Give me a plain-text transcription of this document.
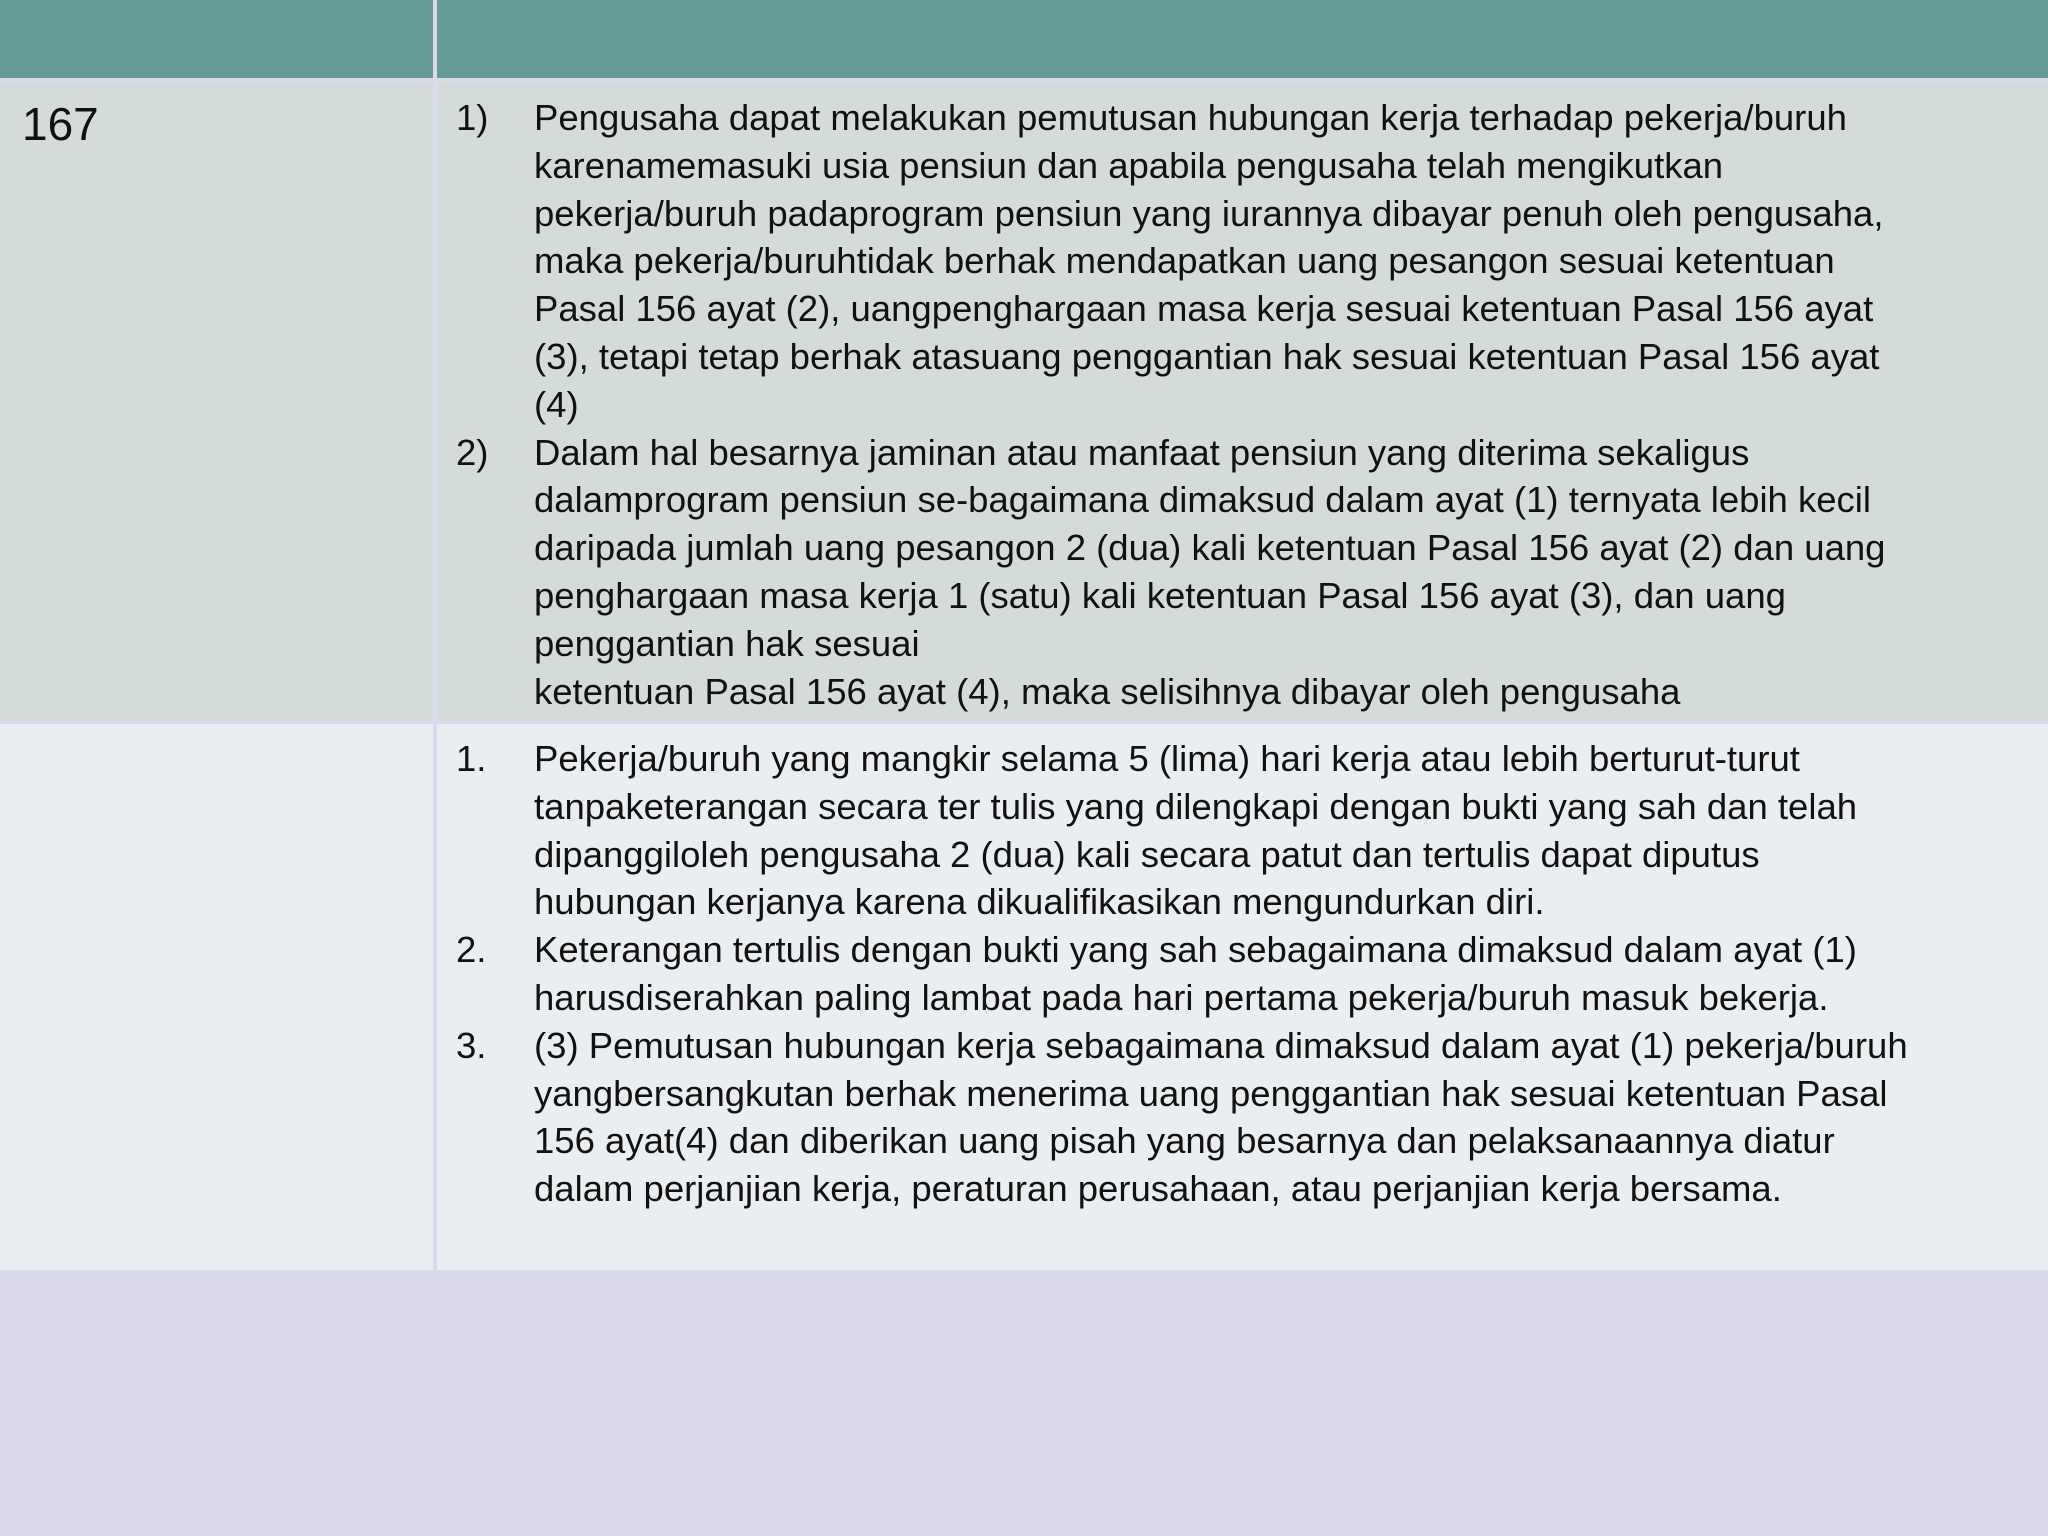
167	1) Pengusaha dapat melakukan pemutusan hubungan kerja terhadap pekerja/buruh
karenamemasuki usia pensiun dan apabila pengusaha telah mengikutkan
pekerja/buruh padaprogram pensiun yang iurannya dibayar penuh oleh pengusaha,
maka pekerja/buruhtidak berhak mendapatkan uang pesangon sesuai ketentuan
Pasal 156 ayat (2), uangpenghargaan masa kerja sesuai ketentuan Pasal 156 ayat
(3), tetapi tetap berhak atasuang penggantian hak sesuai ketentuan Pasal 156 ayat
(4)
2) Dalam hal besarnya jaminan atau manfaat pensiun yang diterima sekaligus
dalamprogram pensiun se-bagaimana dimaksud dalam ayat (1) ternyata lebih kecil
daripada jumlah uang pesangon 2 (dua) kali ketentuan Pasal 156 ayat (2) dan uang
penghargaan masa kerja 1 (satu) kali ketentuan Pasal 156 ayat (3), dan uang
penggantian hak sesuai
ketentuan Pasal 156 ayat (4), maka selisihnya dibayar oleh pengusaha
1. Pekerja/buruh yang mangkir selama 5 (lima) hari kerja atau lebih berturut-turut
tanpaketerangan secara ter tulis yang dilengkapi dengan bukti yang sah dan telah
dipanggiloleh pengusaha 2 (dua) kali secara patut dan tertulis dapat diputus
hubungan kerjanya karena dikualifikasikan mengundurkan diri.
2. Keterangan tertulis dengan bukti yang sah sebagaimana dimaksud dalam ayat (1)
harusdiserahkan paling lambat pada hari pertama pekerja/buruh masuk bekerja.
3. (3) Pemutusan hubungan kerja sebagaimana dimaksud dalam ayat (1) pekerja/buruh
yangbersangkutan berhak menerima uang penggantian hak sesuai ketentuan Pasal
156 ayat(4) dan diberikan uang pisah yang besarnya dan pelaksanaannya diatur
dalam perjanjian kerja, peraturan perusahaan, atau perjanjian kerja bersama.
